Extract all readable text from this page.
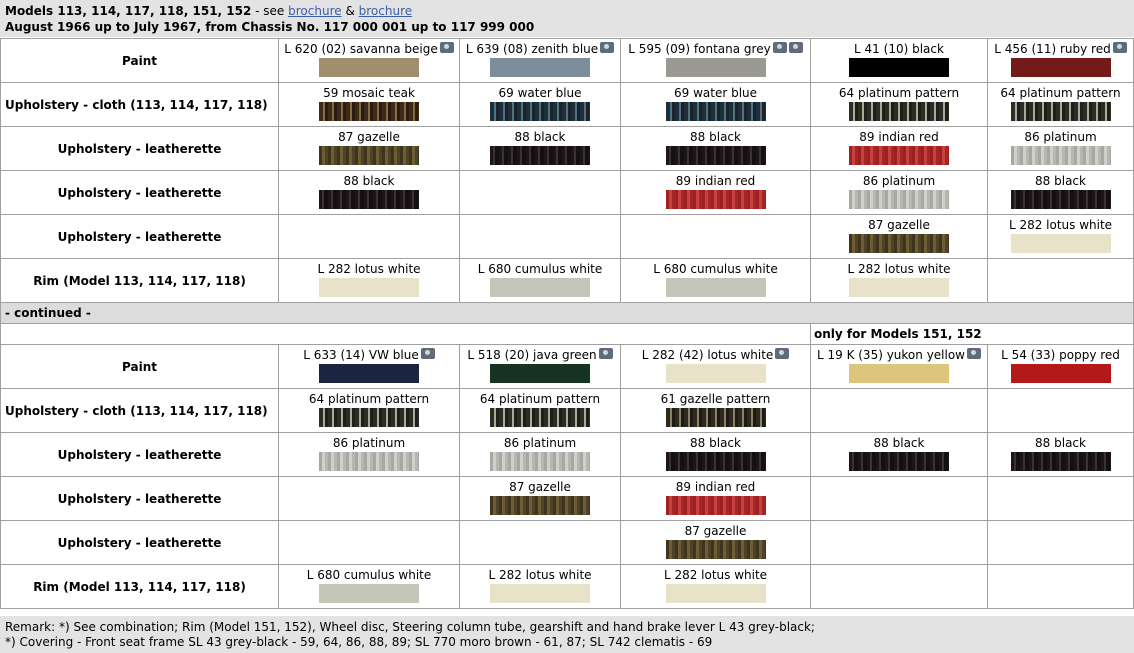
Models 113, 114, 117, 118, 151, 152 - see brochure & brochure
August 1966 up to July 1967, from Chassis No. 117 000 001 up to 117 999 000
Paint	L 620 (02) savanna beige	L 639 (08) zenith blue	L 595 (09) fontana grey	L 41 (10) black	L 456 (11) ruby red

Upholstery - cloth (113, 114, 117, 118)	59 mosaic teak	69 water blue	69 water blue	64 platinum pattern	64 platinum pattern

Upholstery - leatherette	87 gazelle	88 black	88 black	89 indian red	86 platinum

Upholstery - leatherette	88 black		89 indian red	86 platinum	88 black

Upholstery - leatherette				87 gazelle	L 282 lotus white

Rim (Model 113, 114, 117, 118)	L 282 lotus white	L 680 cumulus white	L 680 cumulus white	L 282 lotus white	

- continued -					
				only for Models 151, 152	
Paint	L 633 (14) VW blue	L 518 (20) java green	L 282 (42) lotus white	L 19 K (35) yukon yellow	L 54 (33) poppy red

Upholstery - cloth (113, 114, 117, 118)	64 platinum pattern	64 platinum pattern	61 gazelle pattern		

Upholstery - leatherette	86 platinum	86 platinum	88 black	88 black	88 black

Upholstery - leatherette		87 gazelle	89 indian red		

Upholstery - leatherette			87 gazelle		

Rim (Model 113, 114, 117, 118)	L 680 cumulus white	L 282 lotus white	L 282 lotus white		

Remark: *) See combination; Rim (Model 151, 152), Wheel disc, Steering column tube, gearshift and hand brake lever L 43 grey-black;
*) Covering - Front seat frame SL 43 grey-black - 59, 64, 86, 88, 89; SL 770 moro brown - 61, 87; SL 742 clematis - 69
